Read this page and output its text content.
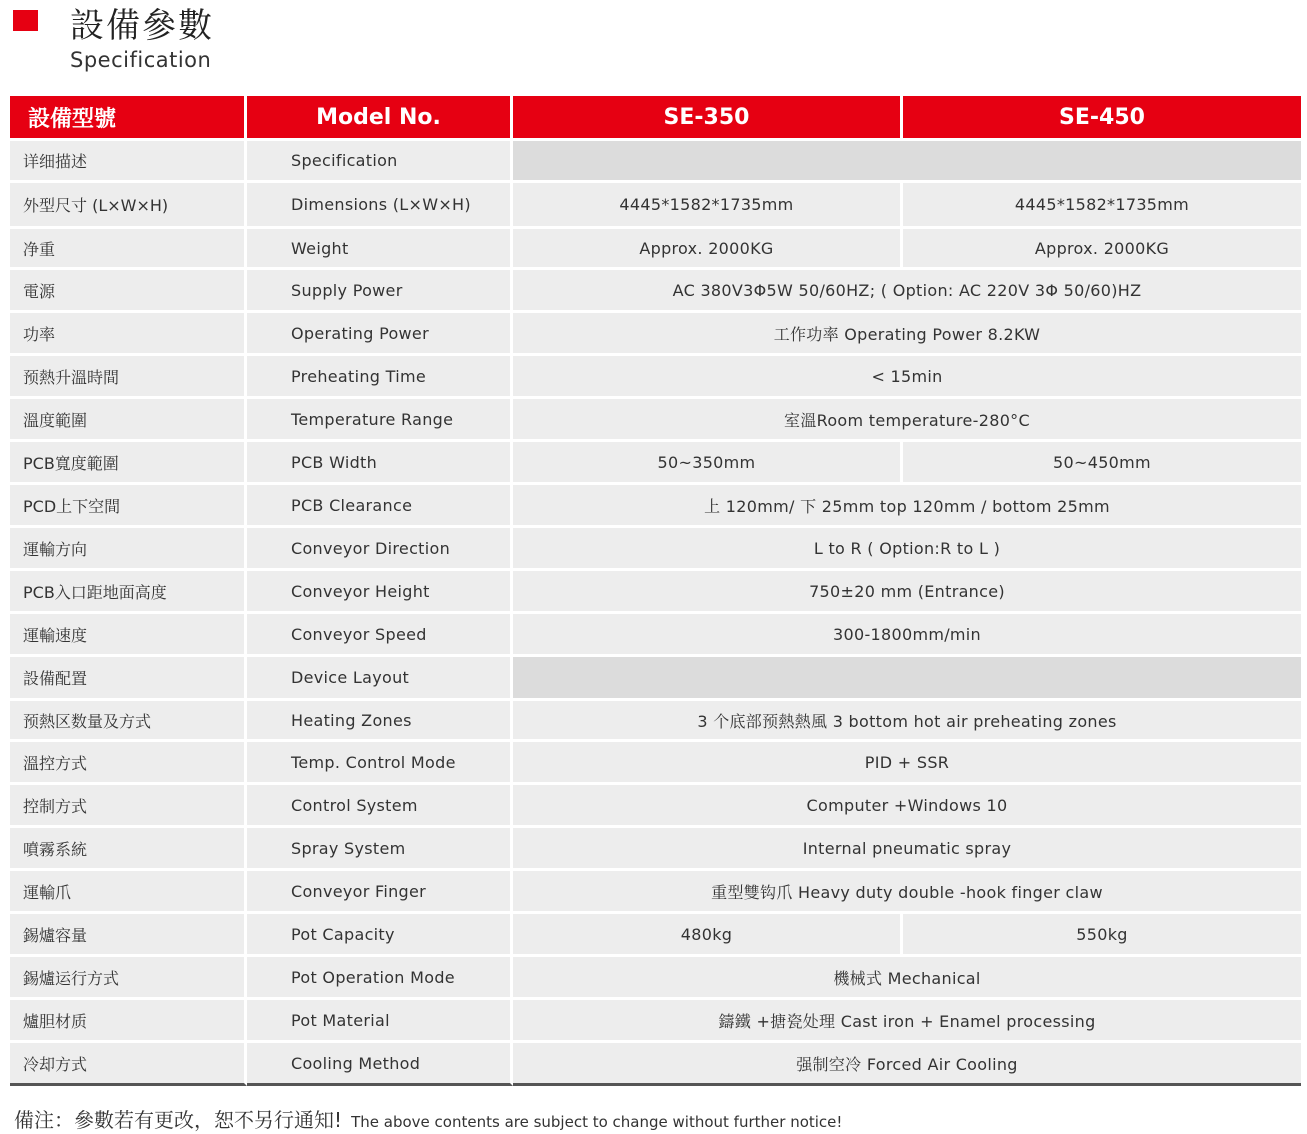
設備參數
Specification
設備型號	Model No.	SE-350	SE-450
详细描述	Specification		
外型尺寸 (L×W×H)	Dimensions (L×W×H)	4445*1582*1735mm	4445*1582*1735mm
净重	Weight	Approx. 2000KG	Approx. 2000KG
電源	Supply Power	AC 380V3Φ5W 50/60HZ; ( Option: AC 220V 3Φ 50/60)HZ	
功率	Operating Power	工作功率 Operating Power 8.2KW	
预熱升溫時間	Preheating Time	< 15min	
溫度範圍	Temperature Range	室溫Room temperature-280°C	
PCB寬度範圍	PCB Width	50~350mm	50~450mm
PCD上下空間	PCB Clearance	上 120mm/ 下 25mm top 120mm / bottom 25mm	
運輸方向	Conveyor Direction	L to R ( Option:R to L )	
PCB入口距地面高度	Conveyor Height	750±20 mm (Entrance)	
運輸速度	Conveyor Speed	300-1800mm/min	
設備配置	Device Layout		
预熱区数量及方式	Heating Zones	3 个底部预熱熱風 3 bottom hot air preheating zones	
溫控方式	Temp. Control Mode	PID + SSR	
控制方式	Control System	Computer +Windows 10	
噴霧系統	Spray System	Internal pneumatic spray	
運輸爪	Conveyor Finger	重型雙钩爪 Heavy duty double -hook finger claw	
錫爐容量	Pot Capacity	480kg	550kg
錫爐运行方式	Pot Operation Mode	機械式 Mechanical	
爐胆材质	Pot Material	鑄鐵 +搪瓷处理 Cast iron + Enamel processing	
冷却方式	Cooling Method	强制空冷 Forced Air Cooling	
備注：參數若有更改，恕不另行通知! The above contents are subject to change without further notice!
